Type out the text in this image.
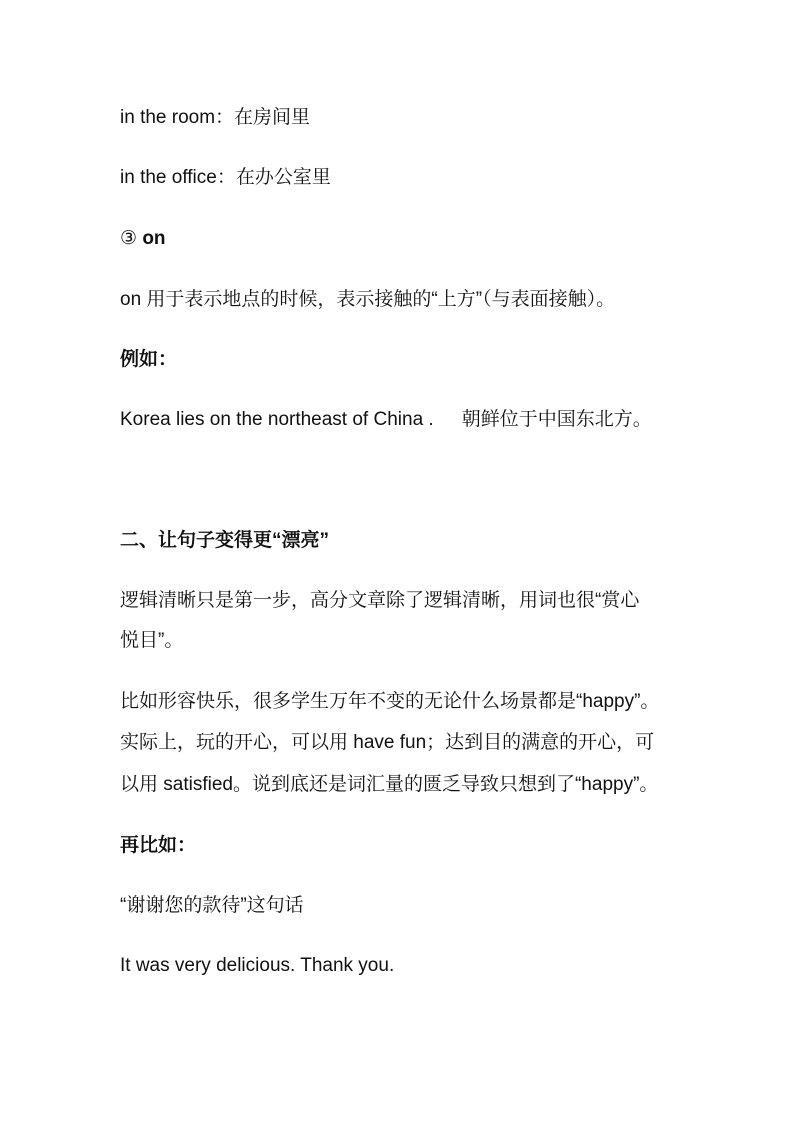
in the room：在房间里

in the office：在办公室里

③ on

on 用于表示地点的时候，表示接触的“上方”（与表面接触）。

例如：

Korea lies on the northeast of China . 朝鲜位于中国东北方。

二、让句子变得更“漂亮”

逻辑清晰只是第一步，高分文章除了逻辑清晰，用词也很“赏心

悦目”。

比如形容快乐，很多学生万年不变的无论什么场景都是“happy”。

实际上，玩的开心，可以用 have fun；达到目的满意的开心，可

以用 satisfied。说到底还是词汇量的匮乏导致只想到了“happy”。

再比如：

“谢谢您的款待”这句话

It was very delicious. Thank you.
